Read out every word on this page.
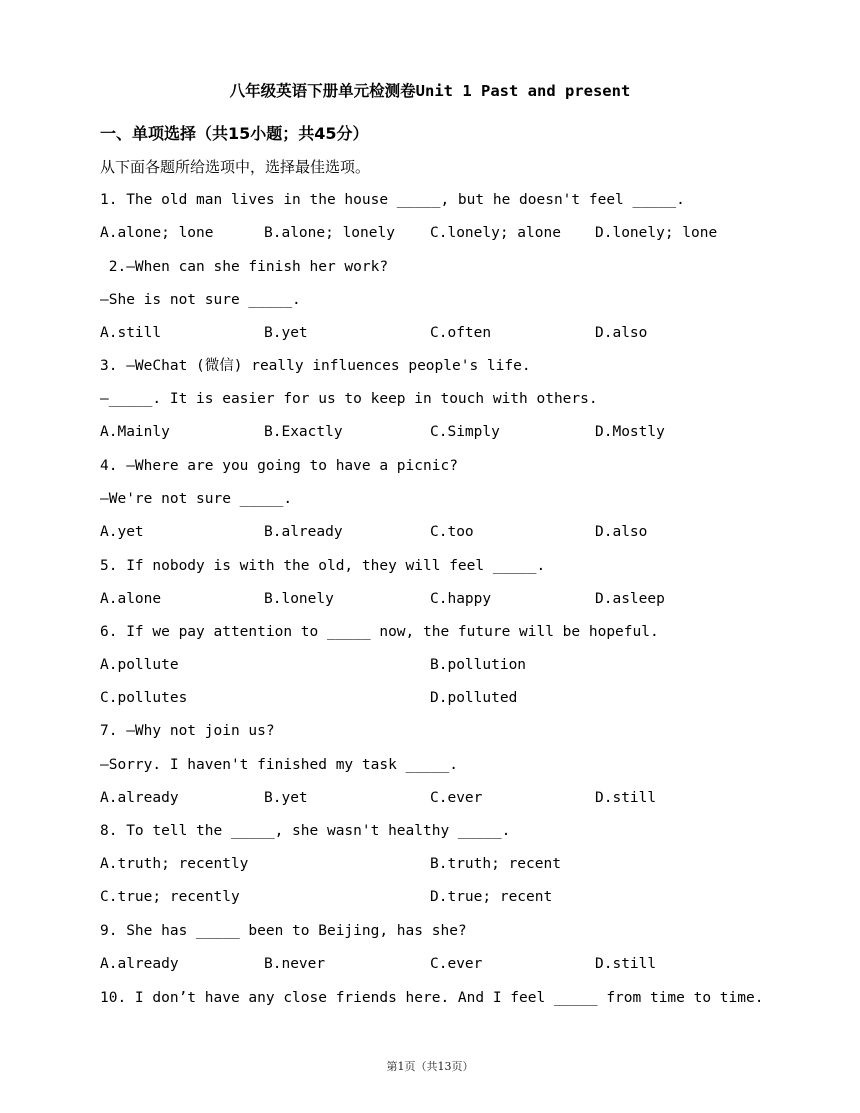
八年级英语下册单元检测卷Unit 1 Past and present
一、单项选择（共15小题；共45分）
从下面各题所给选项中，选择最佳选项。
1. The old man lives in the house _____, but he doesn't feel _____.
A.alone; lone	B.alone; lonely C.lonely; alone D.lonely; lone
2.—When can she finish her work?
—She is not sure _____.
A.still	B.yet	C.often	D.also
3. —WeChat (微信) really influences people's life.
—_____. It is easier for us to keep in touch with others.
A.Mainly	B.Exactly	C.Simply	D.Mostly
4. —Where are you going to have a picnic?
—We're not sure _____.
A.yet	B.already	C.too	D.also
5. If nobody is with the old, they will feel _____.
A.alone	B.lonely	C.happy	D.asleep
6. If we pay attention to _____ now, the future will be hopeful.
A.pollute	B.pollution
C.pollutes	D.polluted
7. —Why not join us?
—Sorry. I haven't finished my task _____.
A.already	B.yet	C.ever	D.still
8. To tell the _____, she wasn't healthy _____.
A.truth; recently	B.truth; recent
C.true; recently	D.true; recent
9. She has _____ been to Beijing, has she?
A.already	B.never	C.ever	D.still
10. I don’t have any close friends here. And I feel _____ from time to time.
第1页（共13页）
